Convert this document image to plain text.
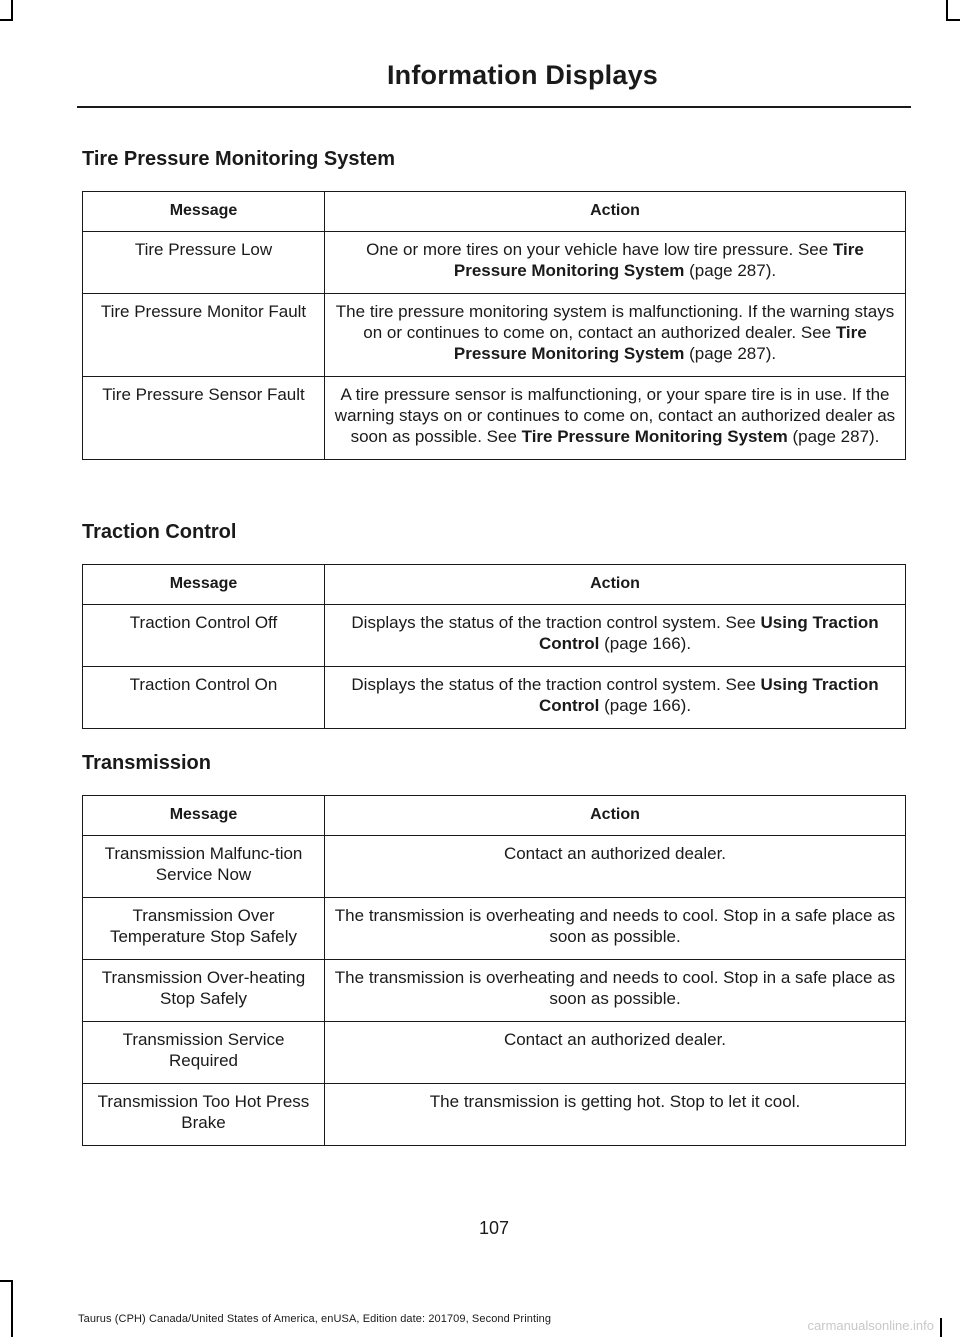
Information Displays
Tire Pressure Monitoring System
Message	Action
Tire Pressure Low	One or more tires on your vehicle have low tire pressure. See Tire Pressure Monitoring System (page 287).
Tire Pressure Monitor Fault	The tire pressure monitoring system is malfunctioning. If the warning stays on or continues to come on, contact an authorized dealer. See Tire Pressure Monitoring System (page 287).
Tire Pressure Sensor Fault	A tire pressure sensor is malfunctioning, or your spare tire is in use. If the warning stays on or continues to come on, contact an authorized dealer as soon as possible. See Tire Pressure Monitoring System (page 287).
Traction Control
Message	Action
Traction Control Off	Displays the status of the traction control system. See Using Traction Control (page 166).
Traction Control On	Displays the status of the traction control system. See Using Traction Control (page 166).
Transmission
Message	Action
Transmission Malfunc-tion Service Now	Contact an authorized dealer.
Transmission Over Temperature Stop Safely	The transmission is overheating and needs to cool. Stop in a safe place as soon as possible.
Transmission Over-heating Stop Safely	The transmission is overheating and needs to cool. Stop in a safe place as soon as possible.
Transmission Service Required	Contact an authorized dealer.
Transmission Too Hot Press Brake	The transmission is getting hot. Stop to let it cool.
107
Taurus (CPH) Canada/United States of America, enUSA, Edition date: 201709, Second Printing	carmanualsonline.info
